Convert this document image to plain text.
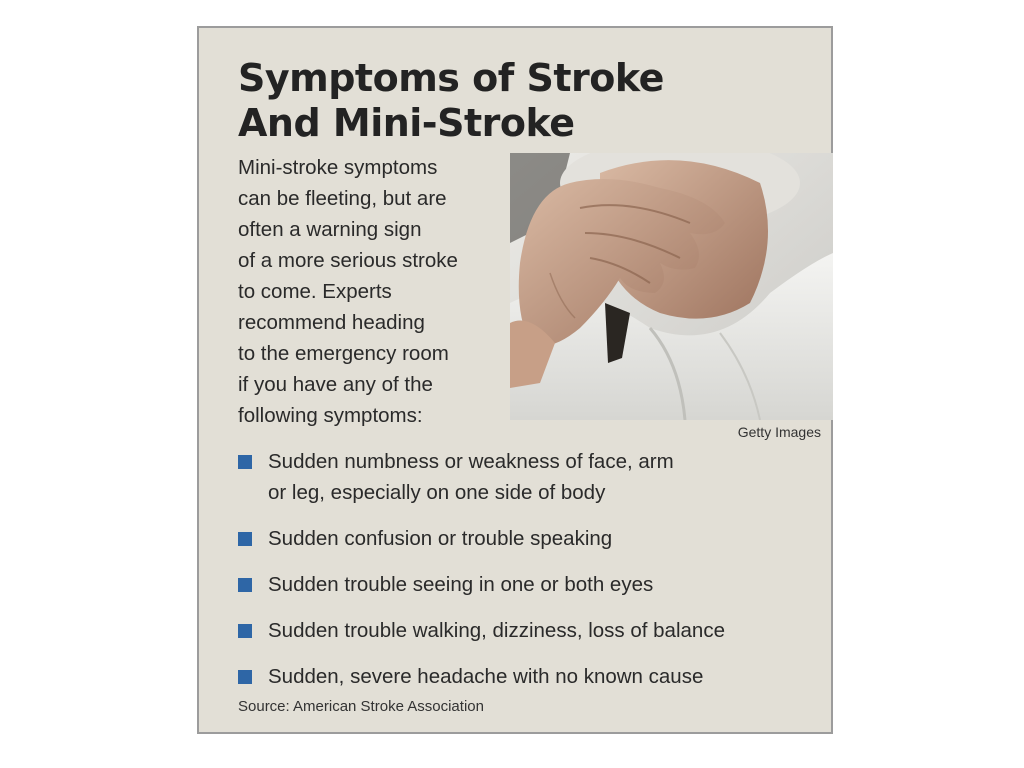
Symptoms of Stroke
And Mini-Stroke

Mini-stroke symptoms
can be fleeting, but are
often a warning sign
of a more serious stroke
to come. Experts
recommend heading
to the emergency room
if you have any of the
following symptoms:

Getty Images
Sudden numbness or weakness of face, arm
or leg, especially on one side of body
Sudden confusion or trouble speaking
Sudden trouble seeing in one or both eyes
Sudden trouble walking, dizziness, loss of balance
Sudden, severe headache with no known cause
Source: American Stroke Association
